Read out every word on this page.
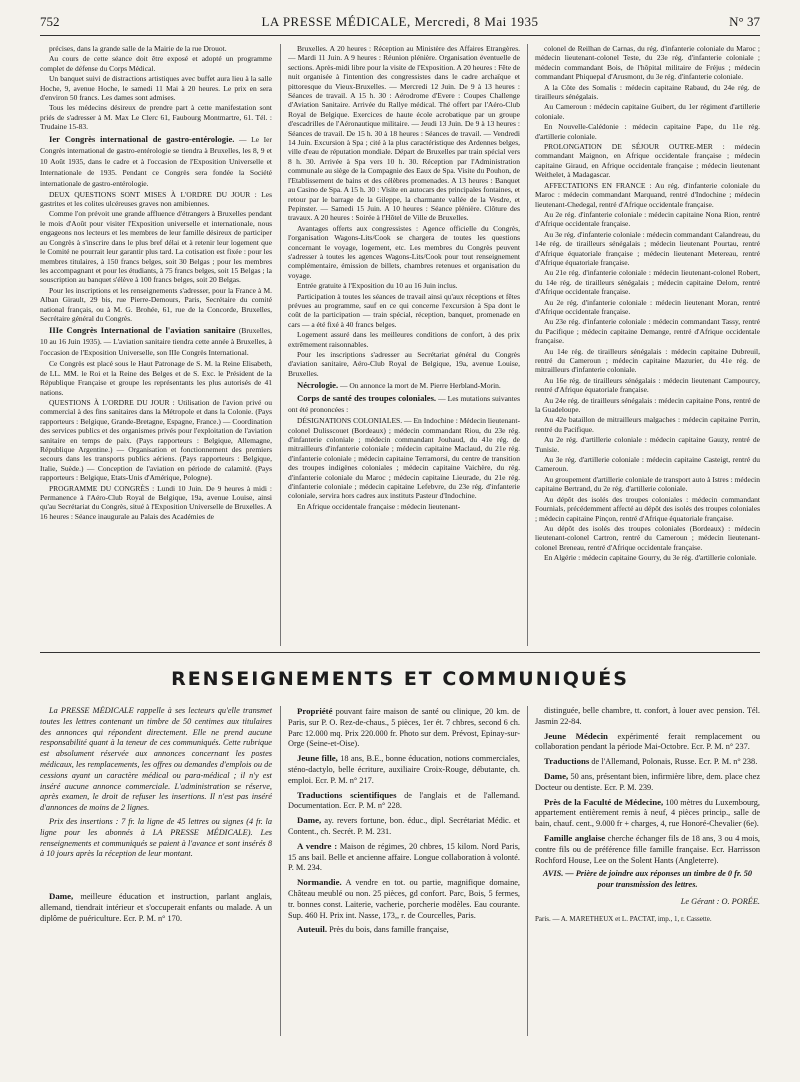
752	LA PRESSE MÉDICALE, Mercredi, 8 Mai 1935	N° 37

précises, dans la grande salle de la Mairie de la rue Drouot.

Au cours de cette séance doit être exposé et adopté un programme complet de défense du Corps Médical.

Un banquet suivi de distractions artistiques avec buffet aura lieu à la salle Hoche, 9, avenue Hoche, le samedi 11 Mai à 20 heures. Le prix en sera d'environ 50 francs. Les dames sont admises.

Tous les médecins désireux de prendre part à cette manifestation sont priés de s'adresser à M. Max Le Clerc 61, Faubourg Montmartre, 61. Tél. : Trudaine 15-83.

Ier Congrès international de gastro-entérologie. — Le Ier Congrès international de gastro-entérologie se tiendra à Bruxelles, les 8, 9 et 10 Août 1935, dans le cadre et à l'occasion de l'Exposition Universelle et Internationale de 1935. Pendant ce Congrès sera fondée la Société internationale de gastro-entérologie.

DEUX QUESTIONS SONT MISES À L'ORDRE DU JOUR : Les gastrites et les colites ulcéreuses graves non amibiennes.

Comme l'on prévoit une grande affluence d'étrangers à Bruxelles pendant le mois d'Août pour visiter l'Exposition universelle et internationale, nous engageons nos lecteurs et les membres de leur famille désireux de participer au Congrès à s'inscrire dans le plus bref délai et à retenir leur logement que le Comité ne pourrait leur garantir plus tard. La cotisation est fixée : pour les membres titulaires, à 150 francs belges, soit 30 Belgas ; pour les membres les accompagnant et pour les étudiants, à 75 francs belges, soit 15 Belgas ; la souscription au banquet s'élève à 100 francs belges, soit 20 Belgas.

Pour les inscriptions et les renseignements s'adresser, pour la France à M. Alban Girault, 29 bis, rue Pierre-Demours, Paris, Secrétaire du comité national français, ou à M. G. Brohée, 61, rue de la Concorde, Bruxelles, Secrétaire général du Congrès.

IIIe Congrès International de l'aviation sanitaire (Bruxelles, 10 au 16 Juin 1935). — L'aviation sanitaire tiendra cette année à Bruxelles, à l'occasion de l'Exposition Universelle, son IIIe Congrès International.

Ce Congrès est placé sous le Haut Patronage de S. M. la Reine Elisabeth, de LL. MM. le Roi et la Reine des Belges et de S. Exc. le Président de la République Française et groupe les représentants les plus autorisés de 41 nations.

QUESTIONS À L'ORDRE DU JOUR : Utilisation de l'avion privé ou commercial à des fins sanitaires dans la Métropole et dans la Colonie. (Pays rapporteurs : Belgique, Grande-Bretagne, Espagne, France.) — Coordination des services publics et des organismes privés pour l'exploitation de l'aviation sanitaire en temps de paix. (Pays rapporteurs : Belgique, Allemagne, République Argentine.) — Organisation et fonctionnement des premiers secours dans les transports publics aériens. (Pays rapporteurs : Belgique, Italie, Suède.) — Conception de l'aviation en période de calamité. (Pays rapporteurs : Belgique, Etats-Unis d'Amérique, Pologne).

PROGRAMME DU CONGRÈS : Lundi 10 Juin. De 9 heures à midi : Permanence à l'Aéro-Club Royal de Belgique, 19a, avenue Louise, ainsi qu'au Secrétariat du Congrès, situé à l'Exposition Universelle de Bruxelles. A 16 heures : Séance inaugurale au Palais des Académies de

Bruxelles. A 20 heures : Réception au Ministère des Affaires Etrangères. — Mardi 11 Juin. A 9 heures : Réunion plénière. Organisation éventuelle de sections. Après-midi libre pour la visite de l'Exposition. A 20 heures : Fête de nuit organisée à l'intention des congressistes dans le cadre archaïque et pittoresque du Vieux-Bruxelles. — Mercredi 12 Juin. De 9 à 13 heures : Séances de travail. A 15 h. 30 : Aérodrome d'Evere : Coupes Challenge d'Aviation Sanitaire. Arrivée du Rallye médical. Thé offert par l'Aéro-Club Royal de Belgique. Exercices de haute école acrobatique par un groupe d'escadrilles de l'Aéronautique militaire. — Jeudi 13 Juin. De 9 à 13 heures : Séances de travail. De 15 h. 30 à 18 heures : Séances de travail. — Vendredi 14 Juin. Excursion à Spa ; cité à la plus caractéristique des Ardennes belges, ville d'eau de réputation mondiale. Départ de Bruxelles par train spécial vers 8 h. 30. Arrivée à Spa vers 10 h. 30. Réception par l'Administration communale au siège de la Compagnie des Eaux de Spa. Visite du Pouhon, de l'Etablissement de bains et des célèbres promenades. A 13 heures : Banquet au Casino de Spa. A 15 h. 30 : Visite en autocars des principales fontaines, et retour par le barrage de la Gileppe, la charmante vallée de la Vesdre, et Pepinster. — Samedi 15 Juin. A 10 heures : Séance plénière. Clôture des travaux. A 20 heures : Soirée à l'Hôtel de Ville de Bruxelles.

Avantages offerts aux congressistes : Agence officielle du Congrès, l'organisation Wagons-Lits/Cook se chargera de toutes les questions concernant le voyage, logement, etc. Les membres du Congrès peuvent s'adresser à toutes les agences Wagons-Lits/Cook pour tout renseignement complémentaire, émission de billets, chambres retenues et organisation du voyage.

Entrée gratuite à l'Exposition du 10 au 16 Juin inclus.

Participation à toutes les séances de travail ainsi qu'aux réceptions et fêtes prévues au programme, sauf en ce qui concerne l'excursion à Spa dont le coût de la participation — train spécial, réception, banquet, promenade en cars — a été fixé à 40 francs belges.

Logement assuré dans les meilleures conditions de confort, à des prix extrêmement raisonnables.

Pour les inscriptions s'adresser au Secrétariat général du Congrès d'aviation sanitaire, Aéro-Club Royal de Belgique, 19a, avenue Louise, Bruxelles.

Nécrologie. — On annonce la mort de M. Pierre Herbland-Morin.
Corps de santé des troupes coloniales. — Les mutations suivantes ont été prononcées :

DÉSIGNATIONS COLONIALES. — En Indochine : Médecin lieutenant-colonel Dulisscouet (Bordeaux) ; médecin commandant Riou, du 23e rég. d'infanterie coloniale ; médecin commandant Jouhaud, du 41e rég. de mitrailleurs d'infanterie coloniale ; médecin capitaine Maclaud, du 21e rég. d'infanterie coloniale ; médecin capitaine Terramorsi, du centre de transition des troupes indigènes coloniales ; médecin capitaine Vaichère, du rég. d'infanterie coloniale du Maroc ; médecin capitaine Lieurade, du 21e rég. d'infanterie coloniale ; médecin capitaine Lefebvre, du 23e rég. d'infanterie coloniale, servira hors cadres aux instituts Pasteur d'Indochine.

En Afrique occidentale française : médecin lieutenant-

colonel de Reilhan de Carnas, du rég. d'infanterie coloniale du Maroc ; médecin lieutenant-colonel Teste, du 23e rég. d'infanterie coloniale ; médecin commandant Bois, de l'hôpital militaire de Fréjus ; médecin commandant Phiquepal d'Arusmont, du 3e rég. d'infanterie coloniale.

A la Côte des Somalis : médecin capitaine Rabaud, du 24e rég. de tirailleurs sénégalais.

Au Cameroun : médecin capitaine Guibert, du 1er régiment d'artillerie coloniale.

En Nouvelle-Calédonie : médecin capitaine Pape, du 11e rég. d'artillerie coloniale.

PROLONGATION DE SÉJOUR OUTRE-MER : médecin commandant Maignon, en Afrique occidentale française ; médecin capitaine Giraud, en Afrique occidentale française ; médecin lieutenant Weithelet, à Madagascar.

AFFECTATIONS EN FRANCE : Au rég. d'infanterie coloniale du Maroc : médecin commandant Marquand, rentré d'Indochine ; médecin lieutenant-Chedegal, rentré d'Afrique occidentale française.

Au 2e rég. d'infanterie coloniale : médecin capitaine Nona Rion, rentré d'Afrique occidentale française.

Au 3e rég. d'infanterie coloniale : médecin commandant Calandreau, du 14e rég. de tirailleurs sénégalais ; médecin lieutenant Pourtau, rentré d'Afrique équatoriale française ; médecin lieutenant Metereau, rentré d'Afrique équatoriale française.

Au 21e rég. d'infanterie coloniale : médecin lieutenant-colonel Robert, du 14e rég. de tirailleurs sénégalais ; médecin capitaine Delom, rentré d'Afrique occidentale française.

Au 2e rég. d'infanterie coloniale : médecin lieutenant Moran, rentré d'Afrique occidentale française.

Au 23e rég. d'infanterie coloniale : médecin commandant Tassy, rentré du Pacifique ; médecin capitaine Demange, rentré d'Afrique occidentale française.

Au 14e rég. de tirailleurs sénégalais : médecin capitaine Dubreuil, rentré du Cameroun ; médecin capitaine Mazurier, du 41e rég. de mitrailleurs d'infanterie coloniale.

Au 16e rég. de tirailleurs sénégalais : médecin lieutenant Campourcy, rentré d'Afrique équatoriale française.

Au 24e rég. de tirailleurs sénégalais : médecin capitaine Pons, rentré de la Guadeloupe.

Au 42e bataillon de mitrailleurs malgaches : médecin capitaine Perrin, rentré du Pacifique.

Au 2e rég. d'artillerie coloniale : médecin capitaine Gauzy, rentré de Tunisie.

Au 3e rég. d'artillerie coloniale : médecin capitaine Casteigt, rentré du Cameroun.

Au groupement d'artillerie coloniale de transport auto à Istres : médecin capitaine Bertrand, du 2e rég. d'artillerie coloniale.

Au dépôt des isolés des troupes coloniales : médecin commandant Fournials, précédemment affecté au dépôt des isolés des troupes coloniales ; médecin capitaine Pinçon, rentré d'Afrique équatoriale française.

Au dépôt des isolés des troupes coloniales (Bordeaux) : médecin lieutenant-colonel Cartron, rentré du Cameroun ; médecin lieutenant-colonel Breneau, rentré d'Afrique occidentale française.

En Algérie : médecin capitaine Gourry, du 3e rég. d'artillerie coloniale.

RENSEIGNEMENTS ET COMMUNIQUÉS

La PRESSE MÉDICALE rappelle à ses lecteurs qu'elle transmet toutes les lettres contenant un timbre de 50 centimes aux titulaires des annonces qui répondent directement. Elle ne prend aucune responsabilité quant à la teneur de ces communiqués. Cette rubrique est absolument réservée aux annonces concernant les postes médicaux, les remplacements, les offres ou demandes d'emplois ou de cessions ayant un caractère médical ou para-médical ; il n'y est inséré aucune annonce commerciale. L'administration se réserve, après examen, le droit de refuser les insertions. Il n'est pas inséré d'annonces de moins de 2 lignes.

Prix des insertions : 7 fr. la ligne de 45 lettres ou signes (4 fr. la ligne pour les abonnés à LA PRESSE MÉDICALE). Les renseignements et communiqués se paient à l'avance et sont insérés 8 à 10 jours après la réception de leur montant.

Dame, meilleure éducation et instruction, parlant anglais, allemand, tiendrait intérieur et s'occuperait enfants ou malade. A un diplôme de puériculture. Ecr. P. M. n° 170.

Propriété pouvant faire maison de santé ou clinique, 20 km. de Paris, sur P. O. Rez-de-chaus., 5 pièces, 1er ét. 7 chbres, second 6 ch. Parc 12.000 mq. Prix 220.000 fr. Photo sur dem. Prévost, Epinay-sur-Orge (Seine-et-Oise).

Jeune fille, 18 ans, B.E., bonne éducation, notions commerciales, sténo-dactylo, belle écriture, auxiliaire Croix-Rouge, débutante, ch. emploi. Ecr. P. M. n° 217.

Traductions scientifiques de l'anglais et de l'allemand. Documentation. Ecr. P. M. n° 228.

Dame, ay. revers fortune, bon. éduc., dipl. Secrétariat Médic. et Content., ch. Secrét. P. M. 231.

A vendre : Maison de régimes, 20 chbres, 15 kilom. Nord Paris, 15 ans bail. Belle et ancienne affaire. Longue collaboration à volonté. P. M. 234.

Normandie. A vendre en tot. ou partie, magnifique domaine, Château meublé ou non. 25 pièces, gd confort. Parc, Bois, 5 fermes, tr. bonnes const. Laiterie, vacherie, porcherie modèles. Eau courante. Sup. 460 H. Prix int. Nasse, 173,, r. de Courcelles, Paris.

Auteuil. Près du bois, dans famille française,

distinguée, belle chambre, tt. confort, à louer avec pension. Tél. Jasmin 22-84.

Jeune Médecin expérimenté ferait remplacement ou collaboration pendant la période Mai-Octobre. Ecr. P. M. n° 237.

Traductions de l'Allemand, Polonais, Russe. Ecr. P. M. n° 238.

Dame, 50 ans, présentant bien, infirmière libre, dem. place chez Docteur ou dentiste. Ecr. P. M. 239.

Près de la Faculté de Médecine, 100 mètres du Luxembourg, appartement entièrement remis à neuf, 4 pièces princip., salle de bain, chauf. cent., 9.000 fr + charges, 4, rue Honoré-Chevalier (6e).

Famille anglaise cherche échanger fils de 18 ans, 3 ou 4 mois, contre fils ou de préférence fille famille française. Ecr. Harrisson Rochford House, Lee on the Solent Hants (Angleterre).

AVIS. — Prière de joindre aux réponses un timbre de 0 fr. 50 pour transmission des lettres.

Le Gérant : O. PORÉE.

Paris. — A. MARETHEUX et L. PACTAT, imp., 1, r. Cassette.
